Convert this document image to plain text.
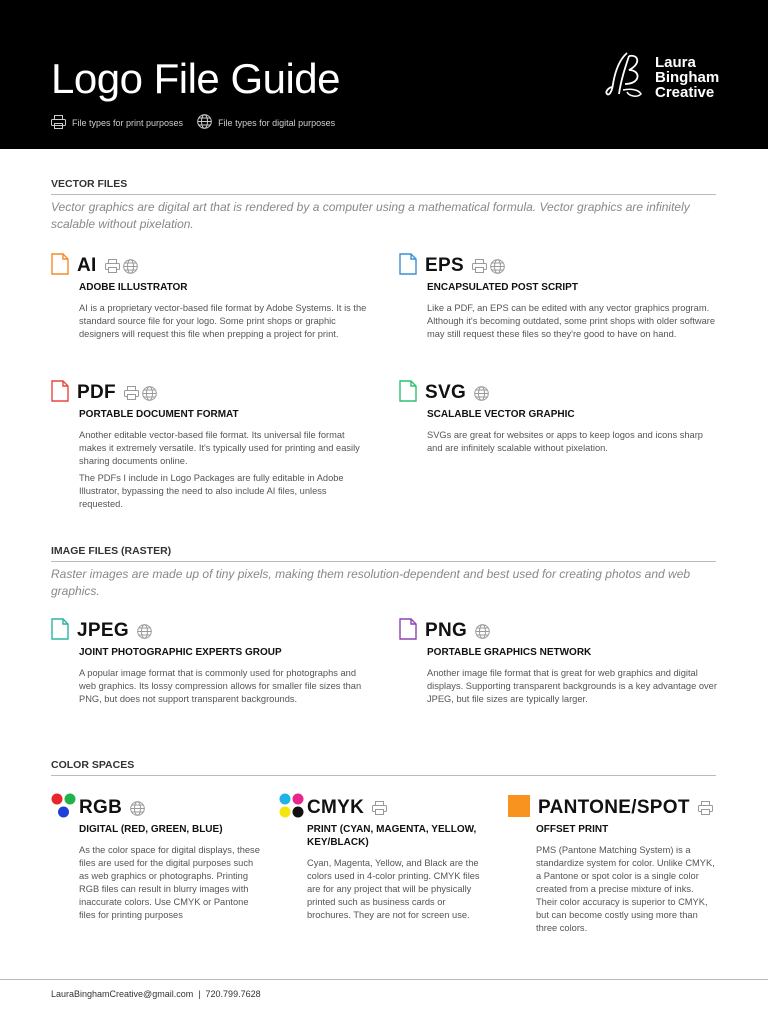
Logo File Guide
File types for print purposes	File types for digital purposes
Laura
Bingham
Creative
VECTOR FILES
Vector graphics are digital art that is rendered by a computer using a mathematical formula. Vector graphics are infinitely scalable without pixelation.
AI
ADOBE ILLUSTRATOR

AI is a proprietary vector-based file format by Adobe Systems. It is the standard source file for your logo. Some print shops or graphic designers will request this file when prepping a project for print.

EPS
ENCAPSULATED POST SCRIPT

Like a PDF, an EPS can be edited with any vector graphics program. Although it's becoming outdated, some print shops with older software may still request these files so they're good to have on hand.

PDF
PORTABLE DOCUMENT FORMAT

Another editable vector-based file format. Its universal file format makes it extremely versatile. It's typically used for printing and easily sharing documents online.

The PDFs I include in Logo Packages are fully editable in Adobe Illustrator, bypassing the need to also include AI files, unless requested.

SVG
SCALABLE VECTOR GRAPHIC

SVGs are great for websites or apps to keep logos and icons sharp and are infinitely scalable without pixelation.

IMAGE FILES (RASTER)
Raster images are made up of tiny pixels, making them resolution-dependent and best used for creating photos and web graphics.
JPEG
JOINT PHOTOGRAPHIC EXPERTS GROUP

A popular image format that is commonly used for photographs and web graphics. Its lossy compression allows for smaller file sizes than PNG, but does not support transparent backgrounds.

PNG
PORTABLE GRAPHICS NETWORK

Another image file format that is great for web graphics and digital displays. Supporting transparent backgrounds is a key advantage over JPEG, but file sizes are typically larger.

COLOR SPACES
RGB
DIGITAL (RED, GREEN, BLUE)

As the color space for digital displays, these files are used for the digital purposes such as web graphics or photographs. Printing RGB files can result in blurry images with inaccurate colors. Use CMYK or Pantone files for printing purposes

CMYK
PRINT (CYAN, MAGENTA, YELLOW, KEY/BLACK)

Cyan, Magenta, Yellow, and Black are the colors used in 4-color printing. CMYK files are for any project that will be physically printed such as business cards or brochures. They are not for screen use.

PANTONE/SPOT
OFFSET PRINT

PMS (Pantone Matching System) is a standardize system for color. Unlike CMYK, a Pantone or spot color is a single color created from a precise mixture of inks. Their color accuracy is superior to CMYK, but can become costly using more than three colors.

LauraBinghamCreative@gmail.com  |  720.799.7628
